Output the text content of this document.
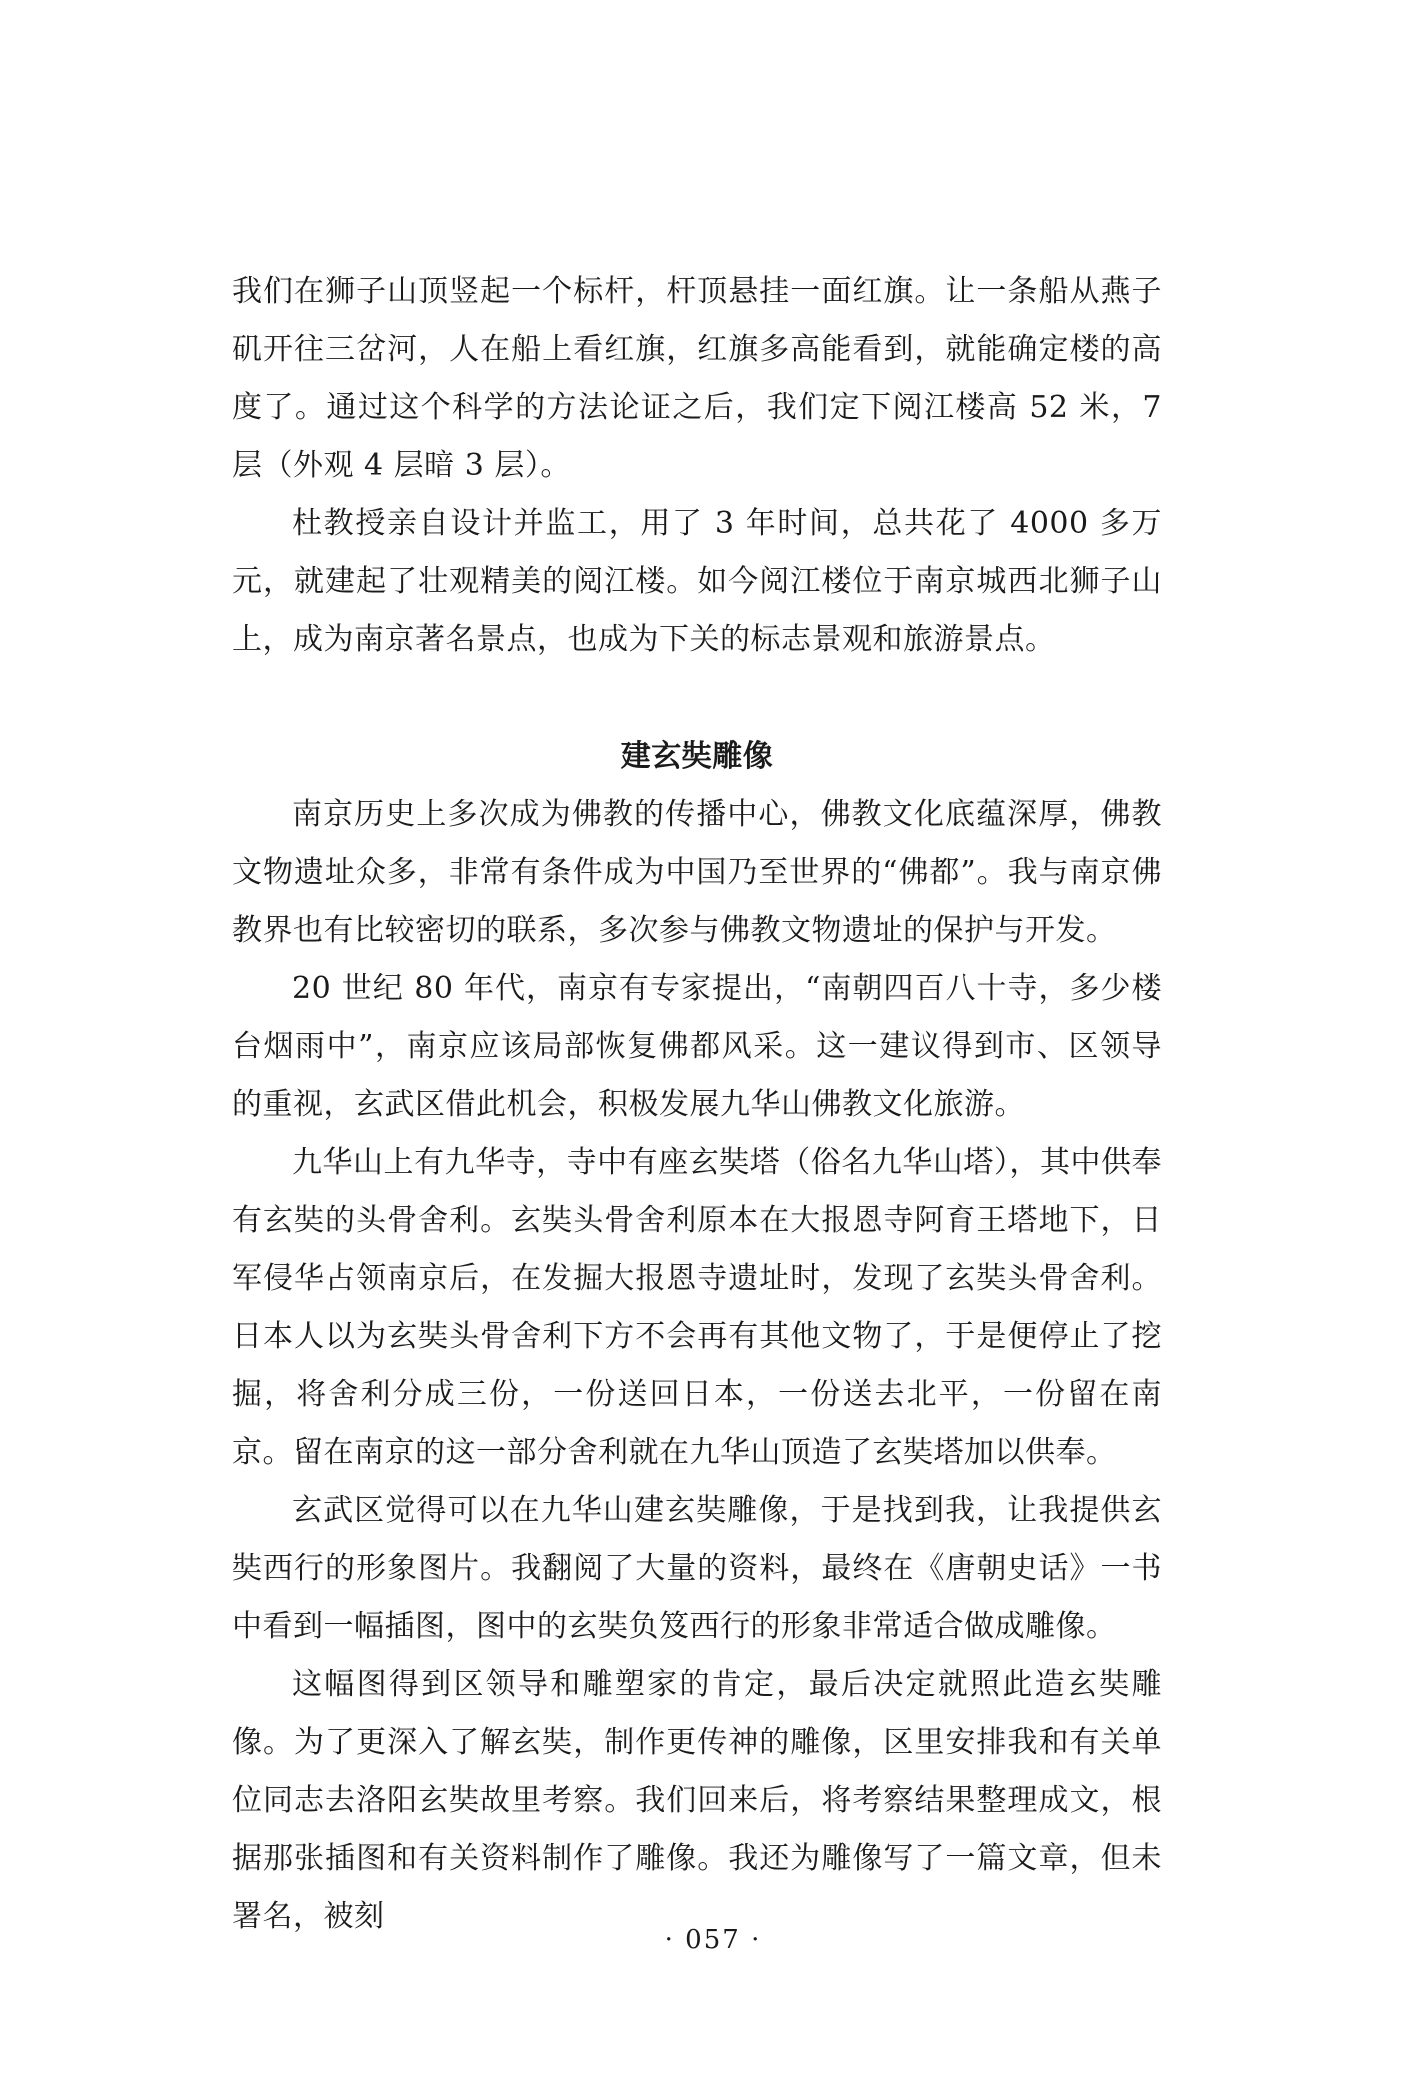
我们在狮子山顶竖起一个标杆，杆顶悬挂一面红旗。让一条船从燕子矶开往三岔河，人在船上看红旗，红旗多高能看到，就能确定楼的高度了。通过这个科学的方法论证之后，我们定下阅江楼高 52 米，7 层（外观 4 层暗 3 层）。

杜教授亲自设计并监工，用了 3 年时间，总共花了 4000 多万元，就建起了壮观精美的阅江楼。如今阅江楼位于南京城西北狮子山上，成为南京著名景点，也成为下关的标志景观和旅游景点。

建玄奘雕像

南京历史上多次成为佛教的传播中心，佛教文化底蕴深厚，佛教文物遗址众多，非常有条件成为中国乃至世界的“佛都”。我与南京佛教界也有比较密切的联系，多次参与佛教文物遗址的保护与开发。

20 世纪 80 年代，南京有专家提出，“南朝四百八十寺，多少楼台烟雨中”，南京应该局部恢复佛都风采。这一建议得到市、区领导的重视，玄武区借此机会，积极发展九华山佛教文化旅游。

九华山上有九华寺，寺中有座玄奘塔（俗名九华山塔），其中供奉有玄奘的头骨舍利。玄奘头骨舍利原本在大报恩寺阿育王塔地下，日军侵华占领南京后，在发掘大报恩寺遗址时，发现了玄奘头骨舍利。日本人以为玄奘头骨舍利下方不会再有其他文物了，于是便停止了挖掘，将舍利分成三份，一份送回日本，一份送去北平，一份留在南京。留在南京的这一部分舍利就在九华山顶造了玄奘塔加以供奉。

玄武区觉得可以在九华山建玄奘雕像，于是找到我，让我提供玄奘西行的形象图片。我翻阅了大量的资料，最终在《唐朝史话》一书中看到一幅插图，图中的玄奘负笈西行的形象非常适合做成雕像。

这幅图得到区领导和雕塑家的肯定，最后决定就照此造玄奘雕像。为了更深入了解玄奘，制作更传神的雕像，区里安排我和有关单位同志去洛阳玄奘故里考察。我们回来后，将考察结果整理成文，根据那张插图和有关资料制作了雕像。我还为雕像写了一篇文章，但未署名，被刻

· 057 ·
